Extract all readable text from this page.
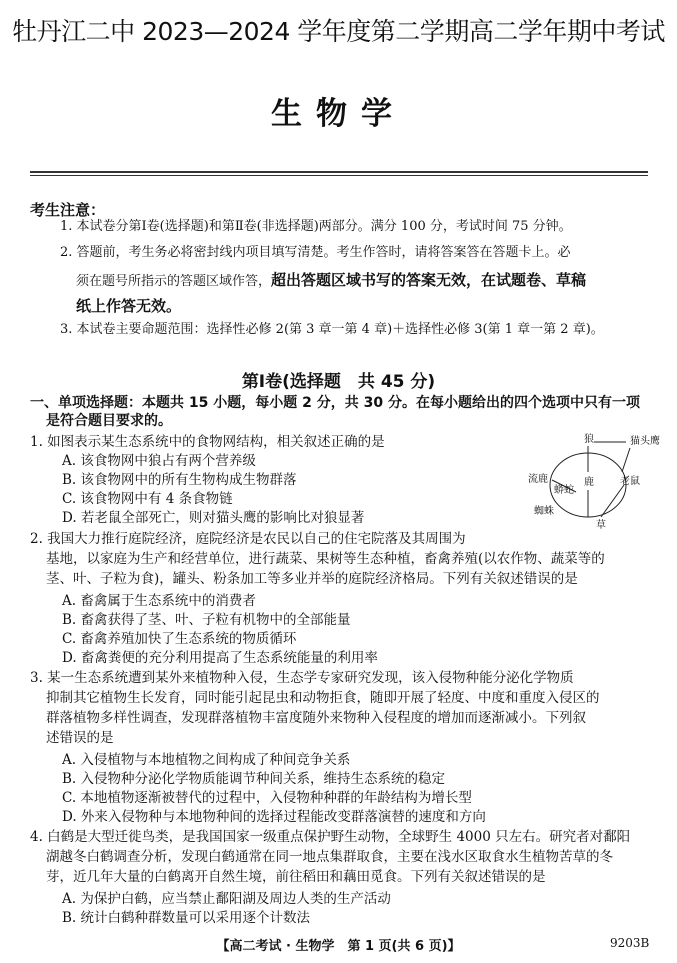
牡丹江二中 2023—2024 学年度第二学期高二学年期中考试
生物学
考生注意：
1. 本试卷分第Ⅰ卷(选择题)和第Ⅱ卷(非选择题)两部分。满分 100 分，考试时间 75 分钟。
2. 答题前，考生务必将密封线内项目填写清楚。考生作答时，请将答案答在答题卡上。必
须在题号所指示的答题区域作答，超出答题区域书写的答案无效，在试题卷、草稿
纸上作答无效。
3. 本试卷主要命题范围：选择性必修 2(第 3 章一第 4 章)＋选择性必修 3(第 1 章一第 2 章)。
第Ⅰ卷(选择题　共 45 分)
一、单项选择题：本题共 15 小题，每小题 2 分，共 30 分。在每小题给出的四个选项中只有一项
是符合题目要求的。
1. 如图表示某生态系统中的食物网结构，相关叙述正确的是
A. 该食物网中狼占有两个营养级
B. 该食物网中的所有生物构成生物群落
C. 该食物网中有 4 条食物链
D. 若老鼠全部死亡，则对猫头鹰的影响比对狼显著
狼	猫头鹰
流鹿	鹿	老鼠
蟒蛇
蜘蛛
草
2. 我国大力推行庭院经济，庭院经济是农民以自己的住宅院落及其周围为
基地，以家庭为生产和经营单位，进行蔬菜、果树等生态种植，畜禽养殖(以农作物、蔬菜等的
茎、叶、子粒为食)，罐头、粉条加工等多业并举的庭院经济格局。下列有关叙述错误的是
A. 畜禽属于生态系统中的消费者
B. 畜禽获得了茎、叶、子粒有机物中的全部能量
C. 畜禽养殖加快了生态系统的物质循环
D. 畜禽粪便的充分利用提高了生态系统能量的利用率
3. 某一生态系统遭到某外来植物种入侵，生态学专家研究发现，该入侵物种能分泌化学物质
抑制其它植物生长发育，同时能引起昆虫和动物拒食，随即开展了轻度、中度和重度入侵区的
群落植物多样性调查，发现群落植物丰富度随外来物种入侵程度的增加而逐渐减小。下列叙
述错误的是
A. 入侵植物与本地植物之间构成了种间竞争关系
B. 入侵物种分泌化学物质能调节种间关系，维持生态系统的稳定
C. 本地植物逐渐被替代的过程中，入侵物种种群的年龄结构为增长型
D. 外来入侵物种与本地物种间的选择过程能改变群落演替的速度和方向
4. 白鹤是大型迁徙鸟类，是我国国家一级重点保护野生动物，全球野生 4000 只左右。研究者对鄱阳
湖越冬白鹤调查分析，发现白鹤通常在同一地点集群取食，主要在浅水区取食水生植物苦草的冬
芽，近几年大量的白鹤离开自然生境，前往稻田和藕田觅食。下列有关叙述错误的是
A. 为保护白鹤，应当禁止鄱阳湖及周边人类的生产活动
B. 统计白鹤种群数量可以采用逐个计数法
【高二考试 · 生物学　第 1 页(共 6 页)】	9203B
